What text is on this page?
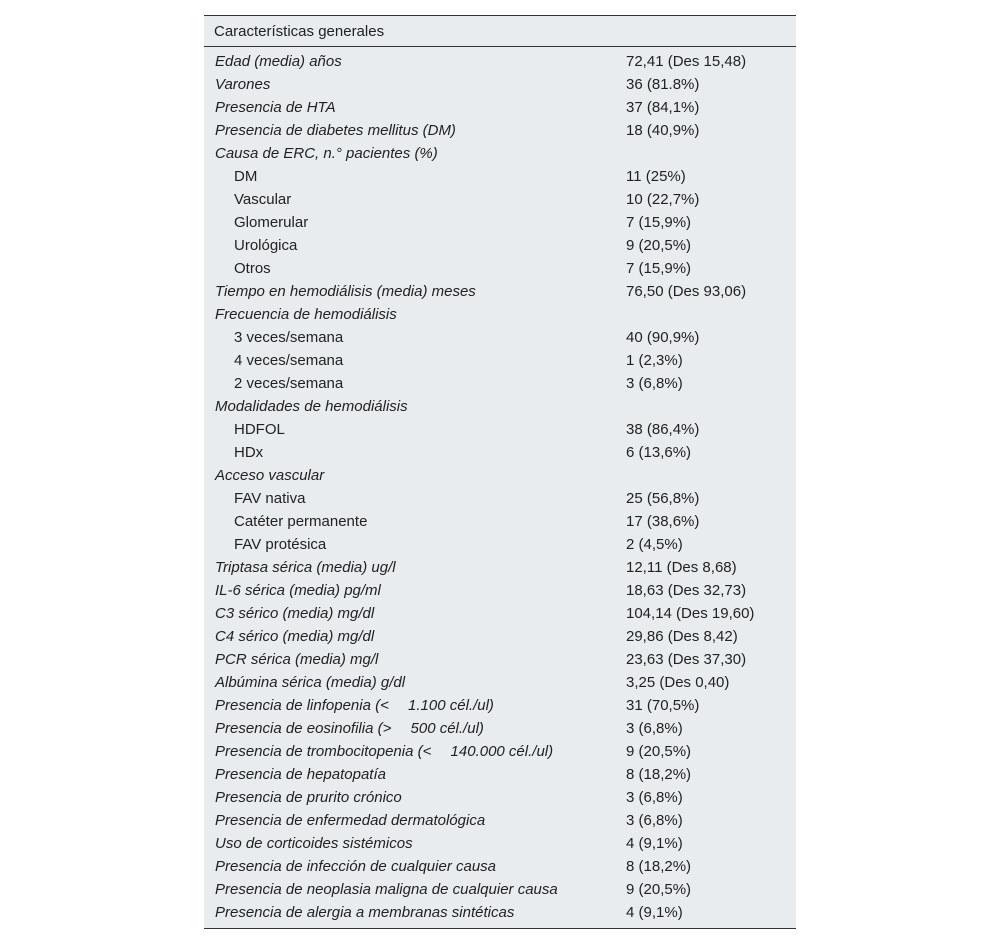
Características generales
Edad (media) años	72,41 (Des 15,48)
Varones	36 (81.8%)
Presencia de HTA	37 (84,1%)
Presencia de diabetes mellitus (DM)	18 (40,9%)
Causa de ERC, n.° pacientes (%)
DM	11 (25%)
Vascular	10 (22,7%)
Glomerular	7 (15,9%)
Urológica	9 (20,5%)
Otros	7 (15,9%)
Tiempo en hemodiálisis (media) meses	76,50 (Des 93,06)
Frecuencia de hemodiálisis
3 veces/semana	40 (90,9%)
4 veces/semana	1 (2,3%)
2 veces/semana	3 (6,8%)
Modalidades de hemodiálisis
HDFOL	38 (86,4%)
HDx	6 (13,6%)
Acceso vascular
FAV nativa	25 (56,8%)
Catéter permanente	17 (38,6%)
FAV protésica	2 (4,5%)
Triptasa sérica (media) ug/l	12,11 (Des 8,68)
IL-6 sérica (media) pg/ml	18,63 (Des 32,73)
C3 sérico (media) mg/dl	104,14 (Des 19,60)
C4 sérico (media) mg/dl	29,86 (Des 8,42)
PCR sérica (media) mg/l	23,63 (Des 37,30)
Albúmina sérica (media) g/dl	3,25 (Des 0,40)
Presencia de linfopenia (<  1.100 cél./ul)	31 (70,5%)
Presencia de eosinofilia (>  500 cél./ul)	3 (6,8%)
Presencia de trombocitopenia (<  140.000 cél./ul)	9 (20,5%)
Presencia de hepatopatía	8 (18,2%)
Presencia de prurito crónico	3 (6,8%)
Presencia de enfermedad dermatológica	3 (6,8%)
Uso de corticoides sistémicos	4 (9,1%)
Presencia de infección de cualquier causa	8 (18,2%)
Presencia de neoplasia maligna de cualquier causa	9 (20,5%)
Presencia de alergia a membranas sintéticas	4 (9,1%)
